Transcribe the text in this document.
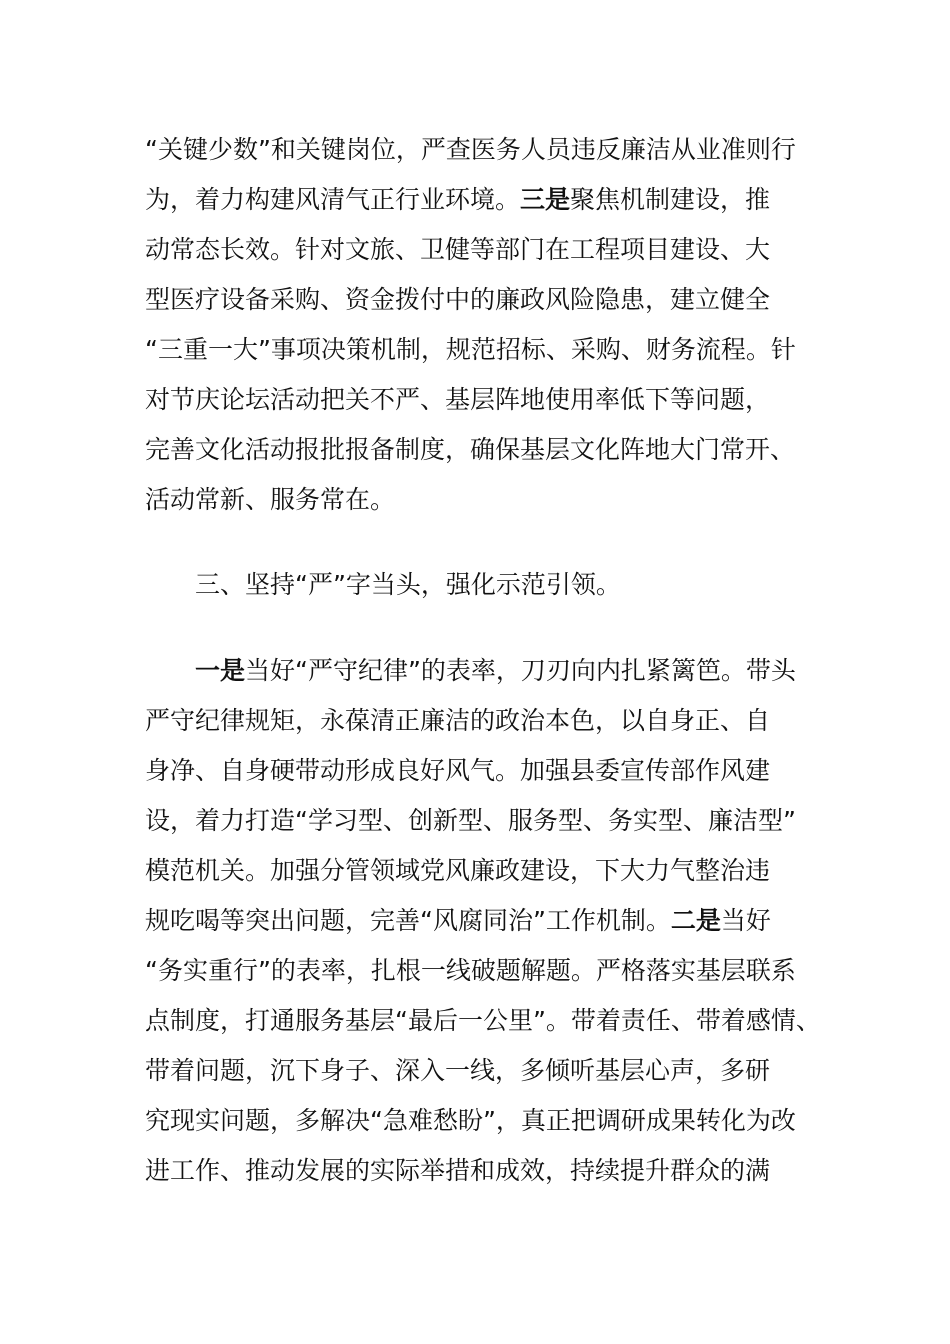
“关键少数”和关键岗位，严查医务人员违反廉洁从业准则行
为，着力构建风清气正行业环境。三是聚焦机制建设，推
动常态长效。针对文旅、卫健等部门在工程项目建设、大
型医疗设备采购、资金拨付中的廉政风险隐患，建立健全
“三重一大”事项决策机制，规范招标、采购、财务流程。针
对节庆论坛活动把关不严、基层阵地使用率低下等问题，
完善文化活动报批报备制度，确保基层文化阵地大门常开、
活动常新、服务常在。
三、坚持“严”字当头，强化示范引领。
一是当好“严守纪律”的表率，刀刃向内扎紧篱笆。带头
严守纪律规矩，永葆清正廉洁的政治本色，以自身正、自
身净、自身硬带动形成良好风气。加强县委宣传部作风建
设，着力打造“学习型、创新型、服务型、务实型、廉洁型”
模范机关。加强分管领域党风廉政建设，下大力气整治违
规吃喝等突出问题，完善“风腐同治”工作机制。二是当好
“务实重行”的表率，扎根一线破题解题。严格落实基层联系
点制度，打通服务基层“最后一公里”。带着责任、带着感情、
带着问题，沉下身子、深入一线，多倾听基层心声，多研
究现实问题，多解决“急难愁盼”，真正把调研成果转化为改
进工作、推动发展的实际举措和成效，持续提升群众的满
